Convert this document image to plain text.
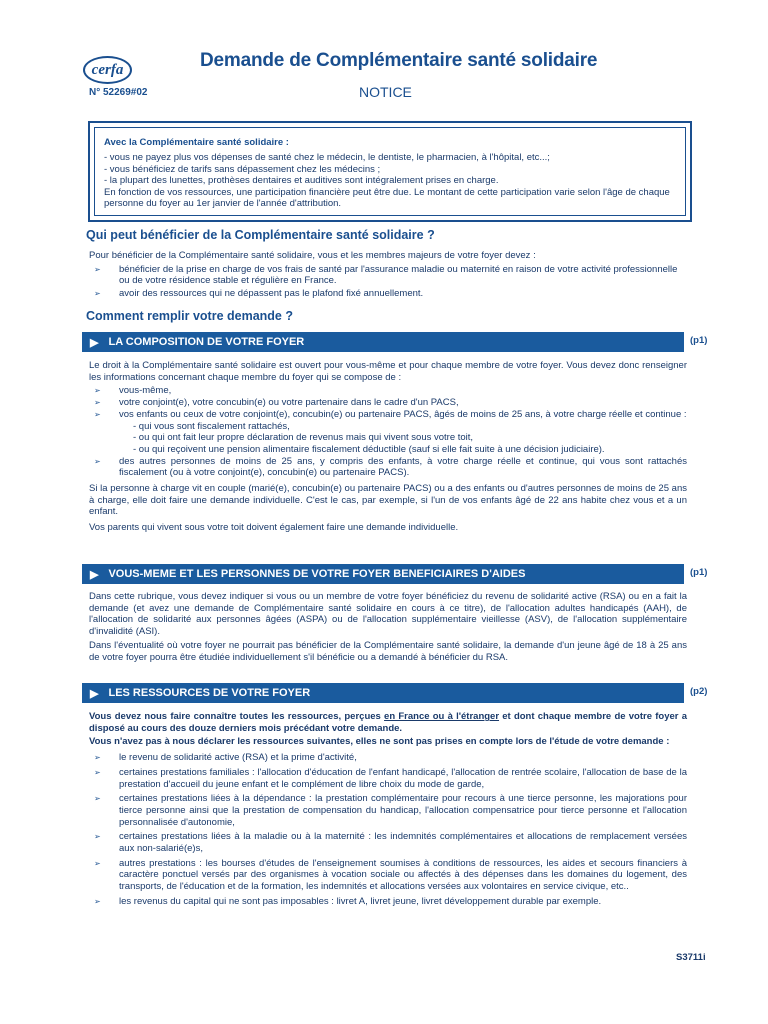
cerfa
N° 52269#02
Demande de Complémentaire santé solidaire
NOTICE
Avec la Complémentaire santé solidaire :
- vous ne payez plus vos dépenses de santé chez le médecin, le dentiste, le pharmacien, à l'hôpital, etc...;
- vous bénéficiez de tarifs sans dépassement chez les médecins ;
- la plupart des lunettes, prothèses dentaires et auditives sont intégralement prises en charge.
En fonction de vos ressources, une participation financière peut être due. Le montant de cette participation varie selon l'âge de chaque personne du foyer au 1er janvier de l'année d'attribution.
Qui peut bénéficier de la Complémentaire santé solidaire ?
Pour bénéficier de la Complémentaire santé solidaire, vous et les membres majeurs de votre foyer devez :
➢ bénéficier de la prise en charge de vos frais de santé par l'assurance maladie ou maternité en raison de votre activité professionnelle ou de votre résidence stable et régulière en France.
➢ avoir des ressources qui ne dépassent pas le plafond fixé annuellement.
Comment remplir votre demande ?
▶ LA COMPOSITION DE VOTRE FOYER	(p1)
Le droit à la Complémentaire santé solidaire est ouvert pour vous-même et pour chaque membre de votre foyer. Vous devez donc renseigner les informations concernant chaque membre du foyer qui se compose de :
➢ vous-même,
➢ votre conjoint(e), votre concubin(e) ou votre partenaire dans le cadre d'un PACS,
➢ vos enfants ou ceux de votre conjoint(e), concubin(e) ou partenaire PACS, âgés de moins de 25 ans, à votre charge réelle et continue :
- qui vous sont fiscalement rattachés,
- ou qui ont fait leur propre déclaration de revenus mais qui vivent sous votre toit,
- ou qui reçoivent une pension alimentaire fiscalement déductible (sauf si elle fait suite à une décision judiciaire).
➢ des autres personnes de moins de 25 ans, y compris des enfants, à votre charge réelle et continue, qui vous sont rattachés fiscalement (ou à votre conjoint(e), concubin(e) ou partenaire PACS).
Si la personne à charge vit en couple (marié(e), concubin(e) ou partenaire PACS) ou a des enfants ou d'autres personnes de moins de 25 ans à charge, elle doit faire une demande individuelle. C'est le cas, par exemple, si l'un de vos enfants âgé de 22 ans habite chez vous et a un enfant.
Vos parents qui vivent sous votre toit doivent également faire une demande individuelle.
▶ VOUS-MEME ET LES PERSONNES DE VOTRE FOYER BENEFICIAIRES D'AIDES	(p1)
Dans cette rubrique, vous devez indiquer si vous ou un membre de votre foyer bénéficiez du revenu de solidarité active (RSA) ou en a fait la demande (et avez une demande de Complémentaire santé solidaire en cours à ce titre), de l'allocation adultes handicapés (AAH), de l'allocation de solidarité aux personnes âgées (ASPA) ou de l'allocation supplémentaire vieillesse (ASV), de l'allocation supplémentaire d'invalidité (ASI).
Dans l'éventualité où votre foyer ne pourrait pas bénéficier de la Complémentaire santé solidaire, la demande d'un jeune âgé de 18 à 25 ans de votre foyer pourra être étudiée individuellement s'il bénéficie ou a demandé à bénéficier du RSA.
▶ LES RESSOURCES DE VOTRE FOYER	(p2)
Vous devez nous faire connaître toutes les ressources, perçues en France ou à l'étranger et dont chaque membre de votre foyer a disposé au cours des douze derniers mois précédant votre demande.
Vous n'avez pas à nous déclarer les ressources suivantes, elles ne sont pas prises en compte lors de l'étude de votre demande :
➢ le revenu de solidarité active (RSA) et la prime d'activité,
➢ certaines prestations familiales : l'allocation d'éducation de l'enfant handicapé, l'allocation de rentrée scolaire, l'allocation de base de la prestation d'accueil du jeune enfant et le complément de libre choix du mode de garde,
➢ certaines prestations liées à la dépendance : la prestation complémentaire pour recours à une tierce personne, les majorations pour tierce personne ainsi que la prestation de compensation du handicap, l'allocation compensatrice pour tierce personne et l'allocation personnalisée d'autonomie,
➢ certaines prestations liées à la maladie ou à la maternité : les indemnités complémentaires et allocations de remplacement versées aux non-salarié(e)s,
➢ autres prestations : les bourses d'études de l'enseignement soumises à conditions de ressources, les aides et secours financiers à caractère ponctuel versés par des organismes à vocation sociale ou affectés à des dépenses dans les domaines du logement, des transports, de l'éducation et de la formation, les indemnités et allocations versées aux volontaires en service civique, etc..
➢ les revenus du capital qui ne sont pas imposables : livret A, livret jeune, livret développement durable par exemple.
S3711i
